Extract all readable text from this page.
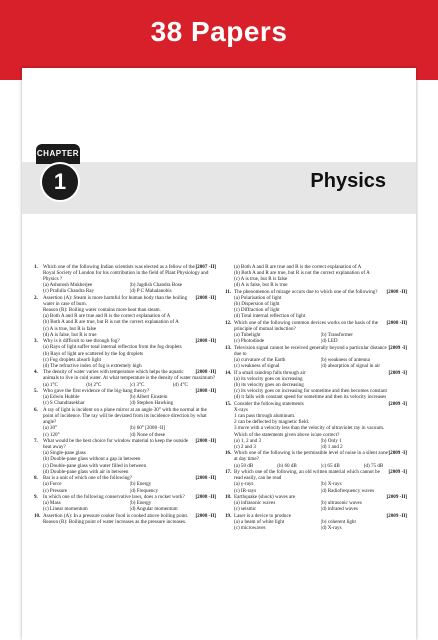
38 Papers
CHAPTER
1	Physics
1.	[2007 -II]
Which one of the following Indian scientists was elected as a fellow of the Royal Society of London for his contribution in the field of Plant Physiology and Physics ?
(a) Ashutosh Mukherjee	(b) Jagdish Chandra Bose
(c) Prafulla Chandra Ray	(d) P C Mahalanobis
2.	[2008 -II]
Assertion (A): Steam is more harmful for human body than the boiling water in case of burn.
Reason (R): Boiling water contains more heat than steam.
(a) Both A and R are true and R is the correct explanation of A
(b) Both A and R are true, but R is not the correct explanation of A
(c) A is true, but R is false
(d) A is false, but R is true
3.	[2008 -II]
Why is it difficult to see through fog?
(a) Rays of light suffer total internal reflection from the fog droplets
(b) Rays of light are scattered by the fog droplets
(c) Fog droplets absorb light
(d) The refractive index of fog is extremely high
4.	[2008 -II]
The density of water varies with temperature which helps the aquatic animals to live in cold water. At what temperature is the density of water maximum?
(a) 1°C	(b) 2°C	(c) 3°C	(d) 4°C
5.	[2008 -II]
Who gave the first evidence of the big-bang theory?
(a) Edwin Hubble	(b) Albert Einstein
(c) S Chandrasekhar	(d) Stephen Hawking
6.	A ray of light is incident on a plane mirror at an angle 30° with the normal at the point of incidence. The ray will be deviated from its incidence direction by what angle?
(a) 30°	(b) 60° [2008 -II]
(c) 120°	(d) None of these
7.	[2008 -II]
What would be the best choice for window material to keep the outside heat away?
(a) Single-pane glass
(b) Double-pane glass without a gap in between
(c) Double-pane glass with water filled in between
(d) Double-pane glass with air in between
8.	[2008 -II]
Bar is a unit of which one of the following?
(a) Force	(b) Energy
(c) Pressure	(d) Frequency
9.	[2008 -II]
In which one of the following conservative laws, does a rocket work?
(a) Mass	(b) Energy
(c) Linear momentum	(d) Angular momentum
10.	[2008 -II]
Assertion (A): In a pressure cooker food is cooked above boiling point.
Reason (R): Boiling point of water increases as the pressure increases.
(a) Both A and R are true and R is the correct explanation of A
(b) Both A and R are true, but R is not the correct explanation of A
(c) A is true, but R is false
(d) A is false, but R is true
11.	[2008 -II]
The phenomenon of mirage occurs due to which one of the following?
(a) Polarisation of light
(b) Dispersion of light
(c) Diffraction of light
(d) Total internal reflection of light
12.	[2008 -II]
Which one of the following common devices works on the basis of the principle of mutual induction?
(a) Tubelight	(b) Transformer
(c) Photodiode	(d) LED
13.	[2009 -I]
Television signal cannot be received generally beyond a particular distance due to
(a) curvature of the Earth	(b) weakness of antenna
(c) weakness of signal	(d) absorption of signal in air
14.	[2009 -I]
If a small raindrop falls through air
(a) its velocity goes on increasing
(b) its velocity goes on decreasing
(c) its velocity goes on increasing for sometime and then becomes constant
(d) it falls with constant speed for sometime and then its velocity increases
15.	[2009 -I]
Consider the following statements
X-rays
1 can pass through aluminum.
2 can be deflected by magnetic field.
3 move with a velocity less than the velocity of ultraviolet ray in vacuum.
Which of the statements given above is/are correct?
(a) 1, 2 and 3	(b) Only 1
(c) 2 and 3	(d) 1 and 2
16.	[2009 -I]
Which one of the following is the permissible level of noise in a silent zone at day time?
(a) 50 dB	(b) 60 dB	(c) 65 dB	(d) 75 dB
17.	[2009 -I]
By which one of the following, an old written material which cannot be read easily, can be read
(a) γ-rays	(b) X-rays
(c) IR-rays	(d) Radiofrequency waves
18.	[2009 -II]
Earthquake (shock) waves are
(a) infrasonic waves	(b) ultrasonic waves
(c) seismic	(d) infrared waves
19.	[2009 -II]
Laser is a device to produce
(a) a beam of white light	(b) coherent light
(c) microwaves	(d) X-rays
